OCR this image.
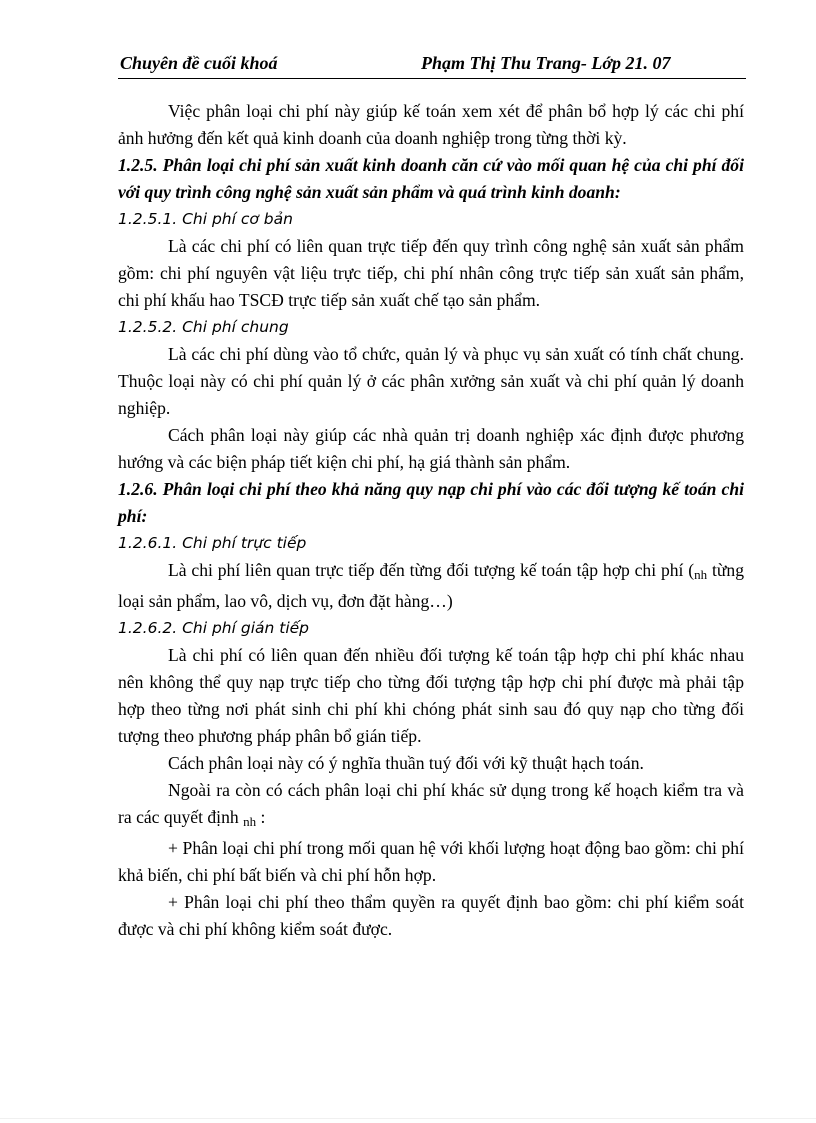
Chuyên đề cuối khoá	Phạm Thị Thu Trang- Lớp 21. 07

Việc phân loại chi phí này giúp kế toán xem xét để phân bổ hợp lý các chi phí ảnh hưởng đến kết quả kinh doanh của doanh nghiệp trong từng thời kỳ.

1.2.5. Phân loại chi phí sản xuất kinh doanh căn cứ vào mối quan hệ của chi phí đối với quy trình công nghệ sản xuất sản phẩm và quá trình kinh doanh:

1.2.5.1. Chi phí cơ bản

Là các chi phí có liên quan trực tiếp đến quy trình công nghệ sản xuất sản phẩm gồm: chi phí nguyên vật liệu trực tiếp, chi phí nhân công trực tiếp sản xuất sản phẩm, chi phí khấu hao TSCĐ trực tiếp sản xuất chế tạo sản phẩm.

1.2.5.2. Chi phí chung

Là các chi phí dùng vào tổ chức, quản lý và phục vụ sản xuất có tính chất chung. Thuộc loại này có chi phí quản lý ở các phân xưởng sản xuất và chi phí quản lý doanh nghiệp.

Cách phân loại này giúp các nhà quản trị doanh nghiệp xác định được phương hướng và các biện pháp tiết kiện chi phí, hạ giá thành sản phẩm.

1.2.6. Phân loại chi phí theo khả năng quy nạp chi phí vào các đối tượng kế toán chi phí:

1.2.6.1. Chi phí trực tiếp

Là chi phí liên quan trực tiếp đến từng đối tượng kế toán tập hợp chi phí (nh từng loại sản phẩm, lao vô, dịch vụ, đơn đặt hàng…)

1.2.6.2. Chi phí gián tiếp

Là chi phí có liên quan đến nhiều đối tượng kế toán tập hợp chi phí khác nhau nên không thể quy nạp trực tiếp cho từng đối tượng tập hợp chi phí được mà phải tập hợp theo từng nơi phát sinh chi phí khi chóng phát sinh sau đó quy nạp cho từng đối tượng theo phương pháp phân bổ gián tiếp.

Cách phân loại này có ý nghĩa thuần tuý đối với kỹ thuật hạch toán.

Ngoài ra còn có cách phân loại chi phí khác sử dụng trong kế hoạch kiểm tra và ra các quyết định nh :

+ Phân loại chi phí trong mối quan hệ với khối lượng hoạt động bao gồm: chi phí khả biến, chi phí bất biến và chi phí hỗn hợp.

+ Phân loại chi phí theo thẩm quyền ra quyết định bao gồm: chi phí kiểm soát được và chi phí không kiểm soát được.
